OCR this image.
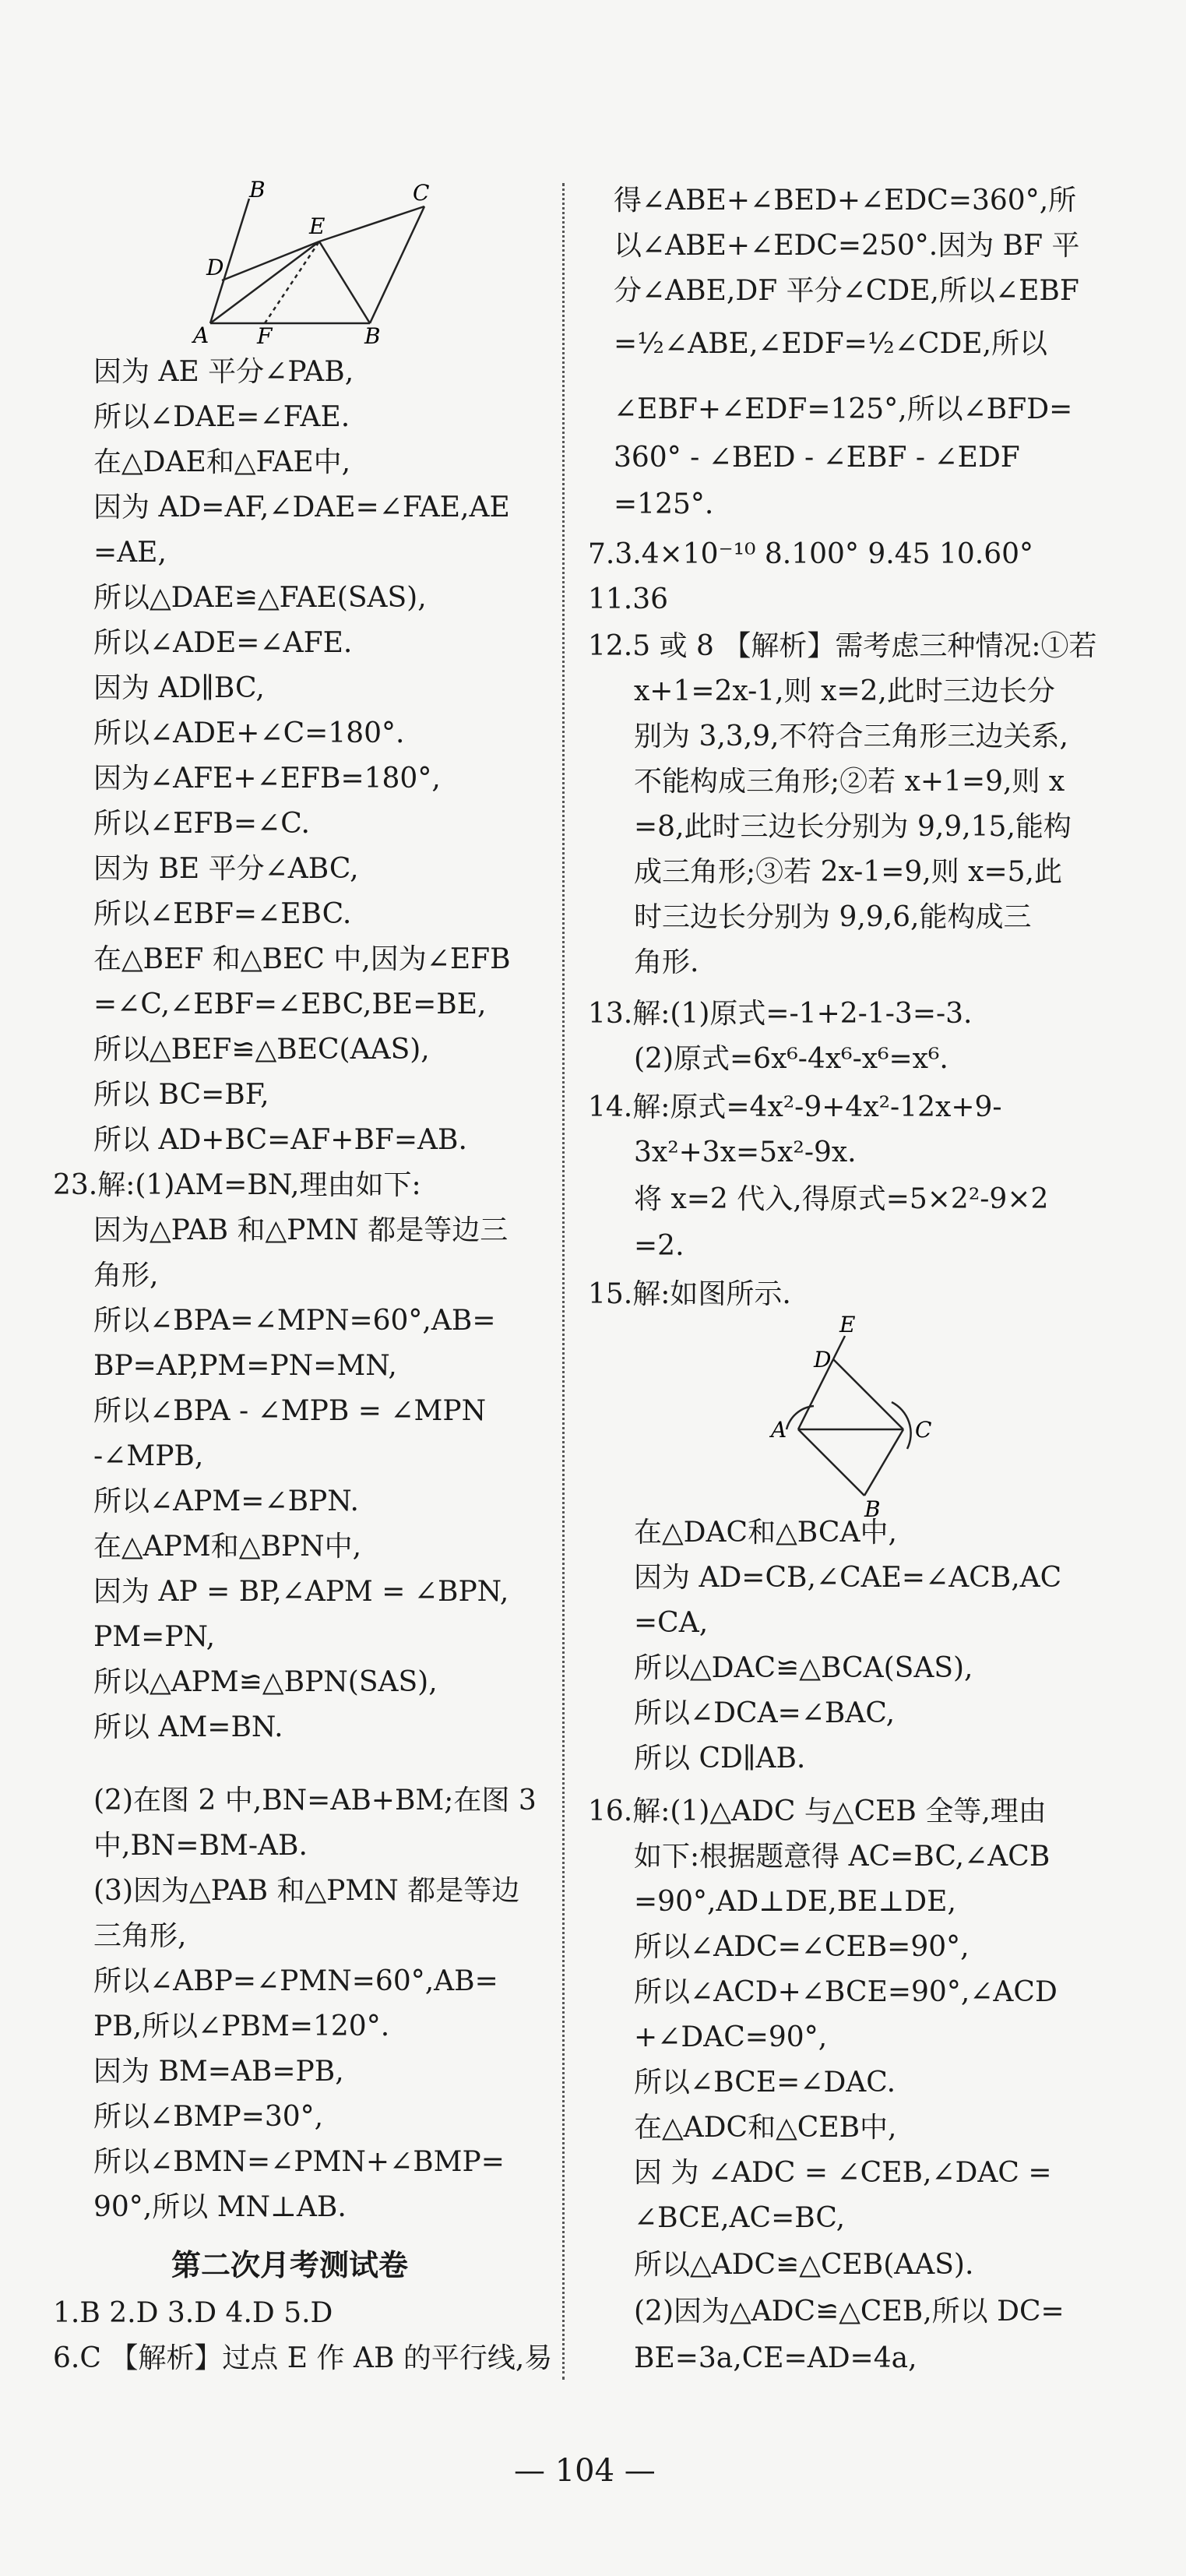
B	C
D
E
A F	B
E
D
A	C
B
因为 AE 平分∠PAB,
所以∠DAE=∠FAE.
在△DAE和△FAE中,
因为 AD=AF,∠DAE=∠FAE,AE
=AE,
所以△DAE≌△FAE(SAS),
所以∠ADE=∠AFE.
因为 AD∥BC,
所以∠ADE+∠C=180°.
因为∠AFE+∠EFB=180°,
所以∠EFB=∠C.
因为 BE 平分∠ABC,
所以∠EBF=∠EBC.
在△BEF 和△BEC 中,因为∠EFB
=∠C,∠EBF=∠EBC,BE=BE,
所以△BEF≌△BEC(AAS),
所以 BC=BF,
所以 AD+BC=AF+BF=AB.
23.解:(1)AM=BN,理由如下:
因为△PAB 和△PMN 都是等边三
角形,
所以∠BPA=∠MPN=60°,AB=
BP=AP,PM=PN=MN,
所以∠BPA - ∠MPB = ∠MPN
-∠MPB,
所以∠APM=∠BPN.
在△APM和△BPN中,
因为 AP = BP,∠APM = ∠BPN,
PM=PN,
所以△APM≌△BPN(SAS),
所以 AM=BN.
(2)在图 2 中,BN=AB+BM;在图 3
中,BN=BM-AB.
(3)因为△PAB 和△PMN 都是等边
三角形,
所以∠ABP=∠PMN=60°,AB=
PB,所以∠PBM=120°.
因为 BM=AB=PB,
所以∠BMP=30°,
所以∠BMN=∠PMN+∠BMP=
90°,所以 MN⊥AB.
第二次月考测试卷
1.B 2.D 3.D 4.D 5.D
6.C 【解析】过点 E 作 AB 的平行线,易
得∠ABE+∠BED+∠EDC=360°,所
以∠ABE+∠EDC=250°.因为 BF 平
分∠ABE,DF 平分∠CDE,所以∠EBF
=½∠ABE,∠EDF=½∠CDE,所以
∠EBF+∠EDF=125°,所以∠BFD=
360° - ∠BED - ∠EBF - ∠EDF
=125°.
7.3.4×10⁻¹⁰ 8.100° 9.45 10.60°
11.36
12.5 或 8 【解析】需考虑三种情况:①若
x+1=2x-1,则 x=2,此时三边长分
别为 3,3,9,不符合三角形三边关系,
不能构成三角形;②若 x+1=9,则 x
=8,此时三边长分别为 9,9,15,能构
成三角形;③若 2x-1=9,则 x=5,此
时三边长分别为 9,9,6,能构成三
角形.
13.解:(1)原式=-1+2-1-3=-3.
(2)原式=6x⁶-4x⁶-x⁶=x⁶.
14.解:原式=4x²-9+4x²-12x+9-
3x²+3x=5x²-9x.
将 x=2 代入,得原式=5×2²-9×2
=2.
15.解:如图所示.
在△DAC和△BCA中,
因为 AD=CB,∠CAE=∠ACB,AC
=CA,
所以△DAC≌△BCA(SAS),
所以∠DCA=∠BAC,
所以 CD∥AB.
16.解:(1)△ADC 与△CEB 全等,理由
如下:根据题意得 AC=BC,∠ACB
=90°,AD⊥DE,BE⊥DE,
所以∠ADC=∠CEB=90°,
所以∠ACD+∠BCE=90°,∠ACD
+∠DAC=90°,
所以∠BCE=∠DAC.
在△ADC和△CEB中,
因 为 ∠ADC = ∠CEB,∠DAC =
∠BCE,AC=BC,
所以△ADC≌△CEB(AAS).
(2)因为△ADC≌△CEB,所以 DC=
BE=3a,CE=AD=4a,
— 104 —
